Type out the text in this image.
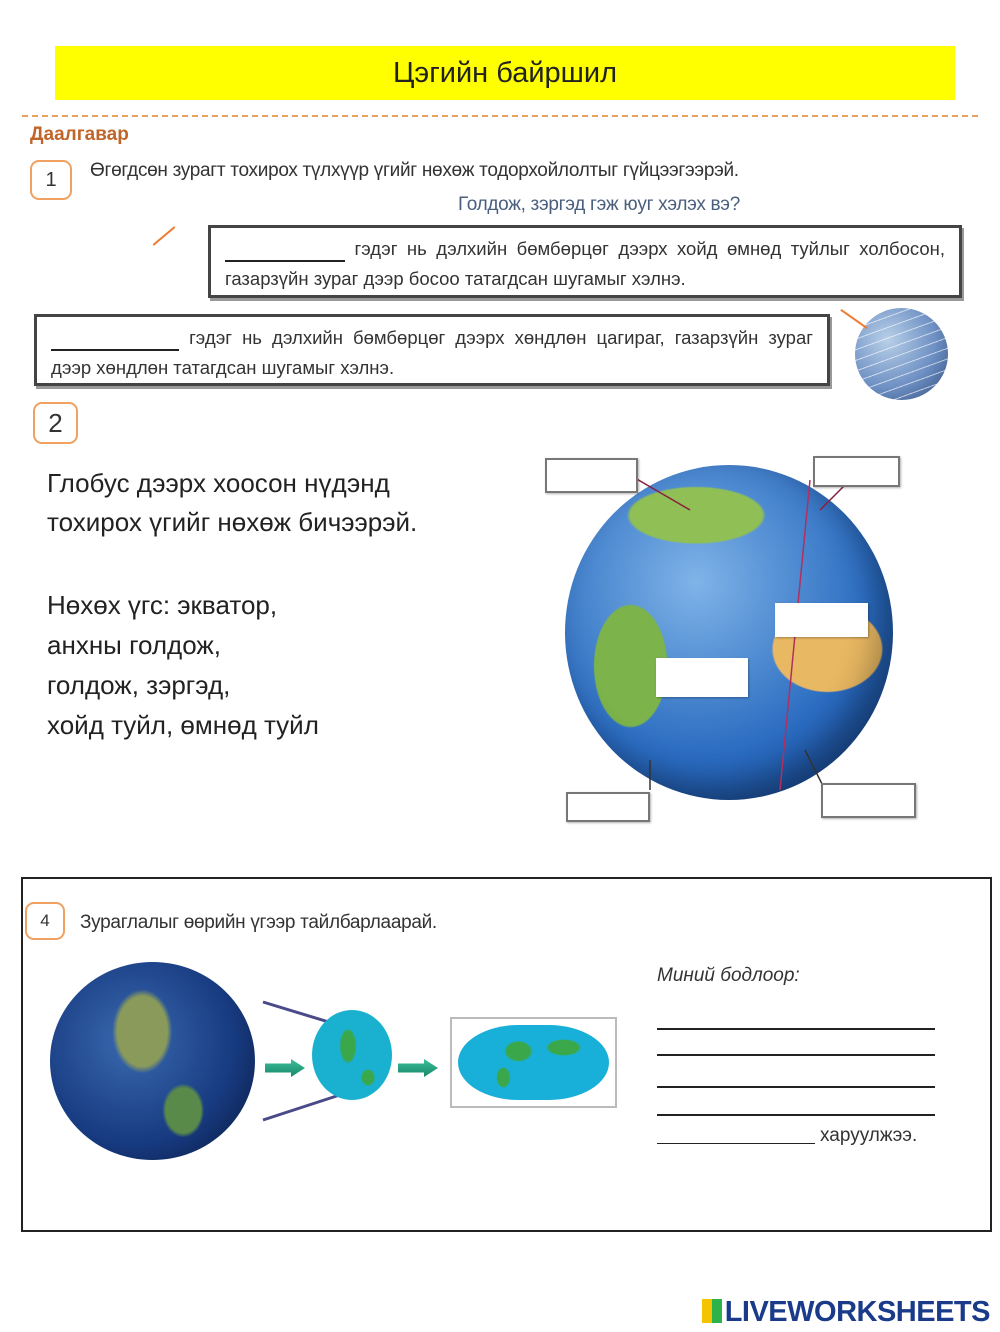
Цэгийн байршил
Даалгавар
1	Өгөгдсөн зурагт тохирох түлхүүр үгийг нөхөж тодорхойлолтыг гүйцээгээрэй.
Голдож, зэргэд гэж юуг хэлэх вэ?
гэдэг нь дэлхийн бөмбөрцөг дээрх хойд өмнөд туйлыг холбосон, газарзүйн зураг дээр босоо татагдсан шугамыг хэлнэ.
гэдэг нь дэлхийн бөмбөрцөг дээрх хөндлөн цагираг, газарзүйн зураг дээр хөндлөн татагдсан шугамыг хэлнэ.
2
Глобус дээрх хоосон нүдэнд
тохирох үгийг нөхөж бичээрэй.
Нөхөх үгс: экватор,
анхны голдож,
голдож, зэргэд,
хойд туйл, өмнөд туйл
4	Зураглалыг өөрийн үгээр тайлбарлаарай.
Миний бодлоор:
харуулжээ.
LIVEWORKSHEETS
